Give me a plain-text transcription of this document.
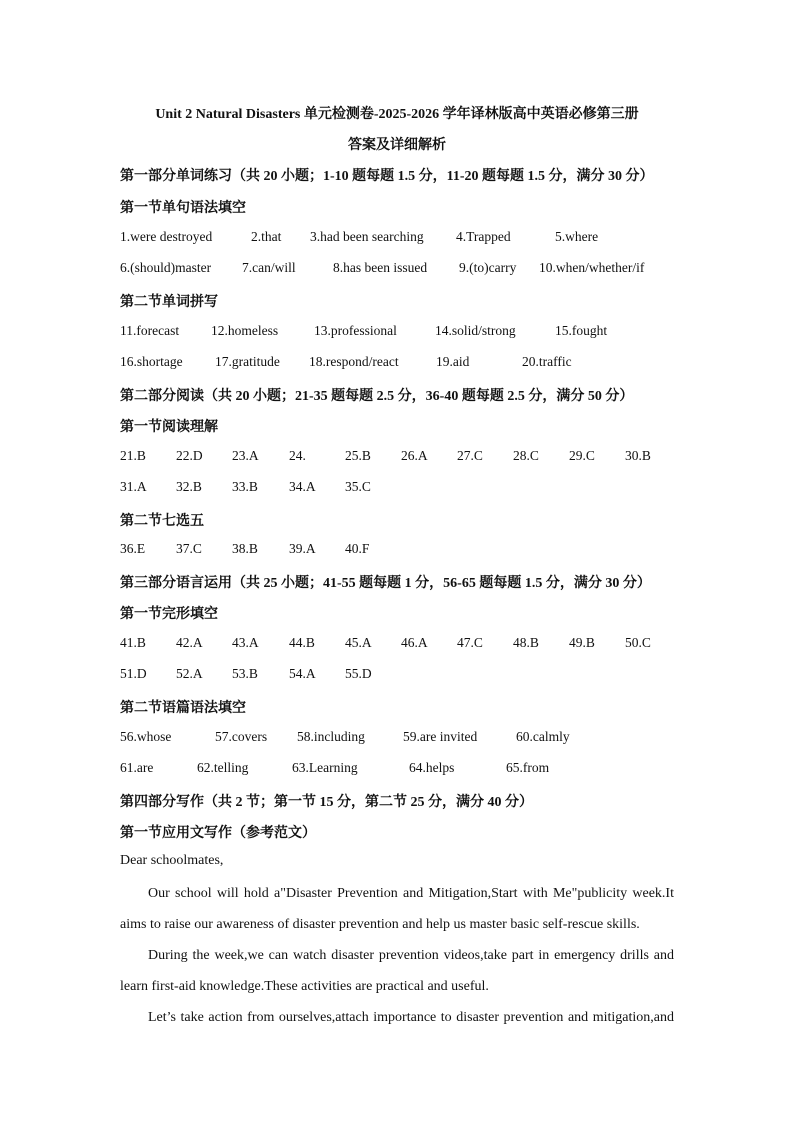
Unit 2 Natural Disasters 单元检测卷-2025-2026 学年译林版高中英语必修第三册
答案及详细解析
第一部分单词练习（共 20 小题；1-10 题每题 1.5 分，11-20 题每题 1.5 分，满分 30 分）
第一节单句语法填空
1.were destroyed	2.that 3.had been searching 4.Trapped	5.where
6.(should)master 7.can/will	8.has been issued 9.(to)carry 10.when/whether/if
第二节单词拼写
11.forecast 12.homeless	13.professional	14.solid/strong	15.fought
16.shortage 17.gratitude 18.respond/react	19.aid	20.traffic
第二部分阅读（共 20 小题；21-35 题每题 2.5 分，36-40 题每题 2.5 分，满分 50 分）
第一节阅读理解
21.B 22.D 23.A 24.	25.B 26.A 27.C 28.C 29.C 30.B
31.A 32.B 33.B 34.A 35.C
第二节七选五
36.E 37.C 38.B 39.A 40.F
第三部分语言运用（共 25 小题；41-55 题每题 1 分，56-65 题每题 1.5 分，满分 30 分）
第一节完形填空
41.B 42.A 43.A 44.B 45.A 46.A 47.C 48.B 49.B 50.C
51.D 52.A 53.B 54.A 55.D
第二节语篇语法填空
56.whose	57.covers 58.including	59.are invited	60.calmly
61.are	62.telling	63.Learning	64.helps	65.from
第四部分写作（共 2 节；第一节 15 分，第二节 25 分，满分 40 分）
第一节应用文写作（参考范文）
Dear schoolmates,
Our school will hold a"Disaster Prevention and Mitigation,Start with Me"publicity week.It
aims to raise our awareness of disaster prevention and help us master basic self-rescue skills.
During the week,we can watch disaster prevention videos,take part in emergency drills and
learn first-aid knowledge.These activities are practical and useful.
Let’s take action from ourselves,attach importance to disaster prevention and mitigation,and
